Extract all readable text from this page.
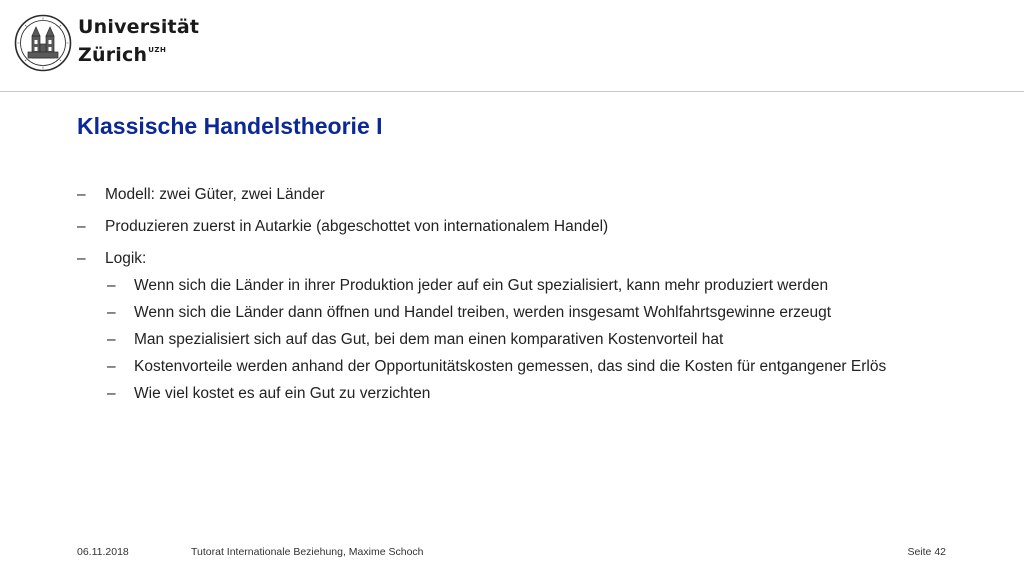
Universität
Zürich$^{UZH}$
Klassische Handelstheorie I
– Modell: zwei Güter, zwei Länder
– Produzieren zuerst in Autarkie (abgeschottet von internationalem Handel)
– Logik:
– Wenn sich die Länder in ihrer Produktion jeder auf ein Gut spezialisiert, kann mehr produziert werden
– Wenn sich die Länder dann öffnen und Handel treiben, werden insgesamt Wohlfahrtsgewinne erzeugt
– Man spezialisiert sich auf das Gut, bei dem man einen komparativen Kostenvorteil hat
– Kostenvorteile werden anhand der Opportunitätskosten gemessen, das sind die Kosten für entgangener Erlös
– Wie viel kostet es auf ein Gut zu verzichten
06.11.2018	Tutorat Internationale Beziehung, Maxime Schoch	Seite 42
